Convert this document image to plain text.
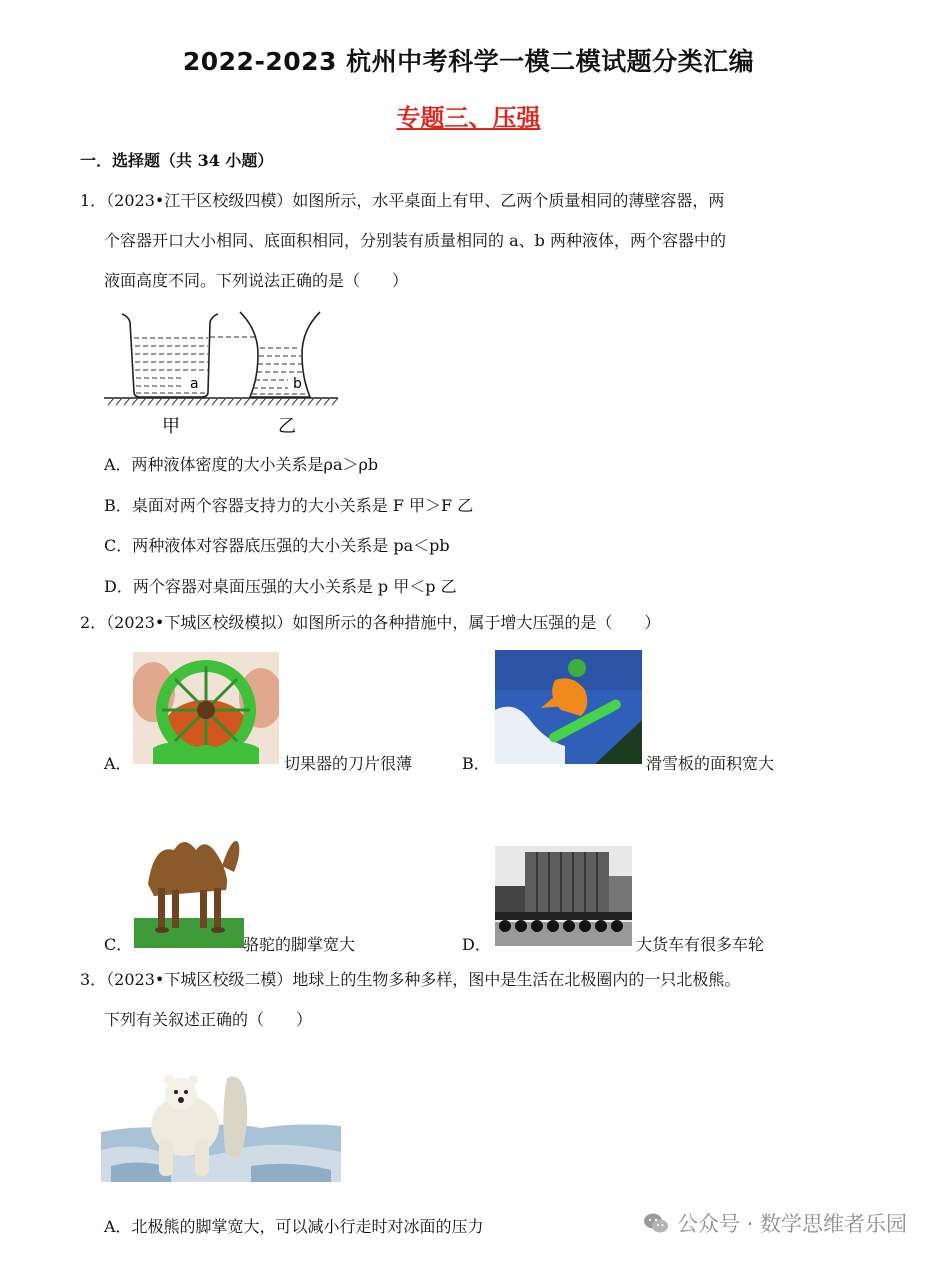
2022-2023 杭州中考科学一模二模试题分类汇编
专题三、压强
一．选择题（共 34 小题）
1．（2023•江干区校级四模）如图所示，水平桌面上有甲、乙两个质量相同的薄壁容器，两
个容器开口大小相同、底面积相同，分别装有质量相同的 a、b 两种液体，两个容器中的
液面高度不同。下列说法正确的是（　　）
a	b
甲	乙
A．两种液体密度的大小关系是ρa＞ρb
B．桌面对两个容器支持力的大小关系是 F 甲＞F 乙
C．两种液体对容器底压强的大小关系是 pa＜pb
D．两个容器对桌面压强的大小关系是 p 甲＜p 乙
2．（2023•下城区校级模拟）如图所示的各种措施中，属于增大压强的是（　　）
A．	切果器的刀片很薄	B．	滑雪板的面积宽大
C．	骆驼的脚掌宽大	D．	大货车有很多车轮
3．（2023•下城区校级二模）地球上的生物多种多样，图中是生活在北极圈内的一只北极熊。
下列有关叙述正确的（　　）
A．北极熊的脚掌宽大，可以减小行走时对冰面的压力	公众号 · 数学思维者乐园
